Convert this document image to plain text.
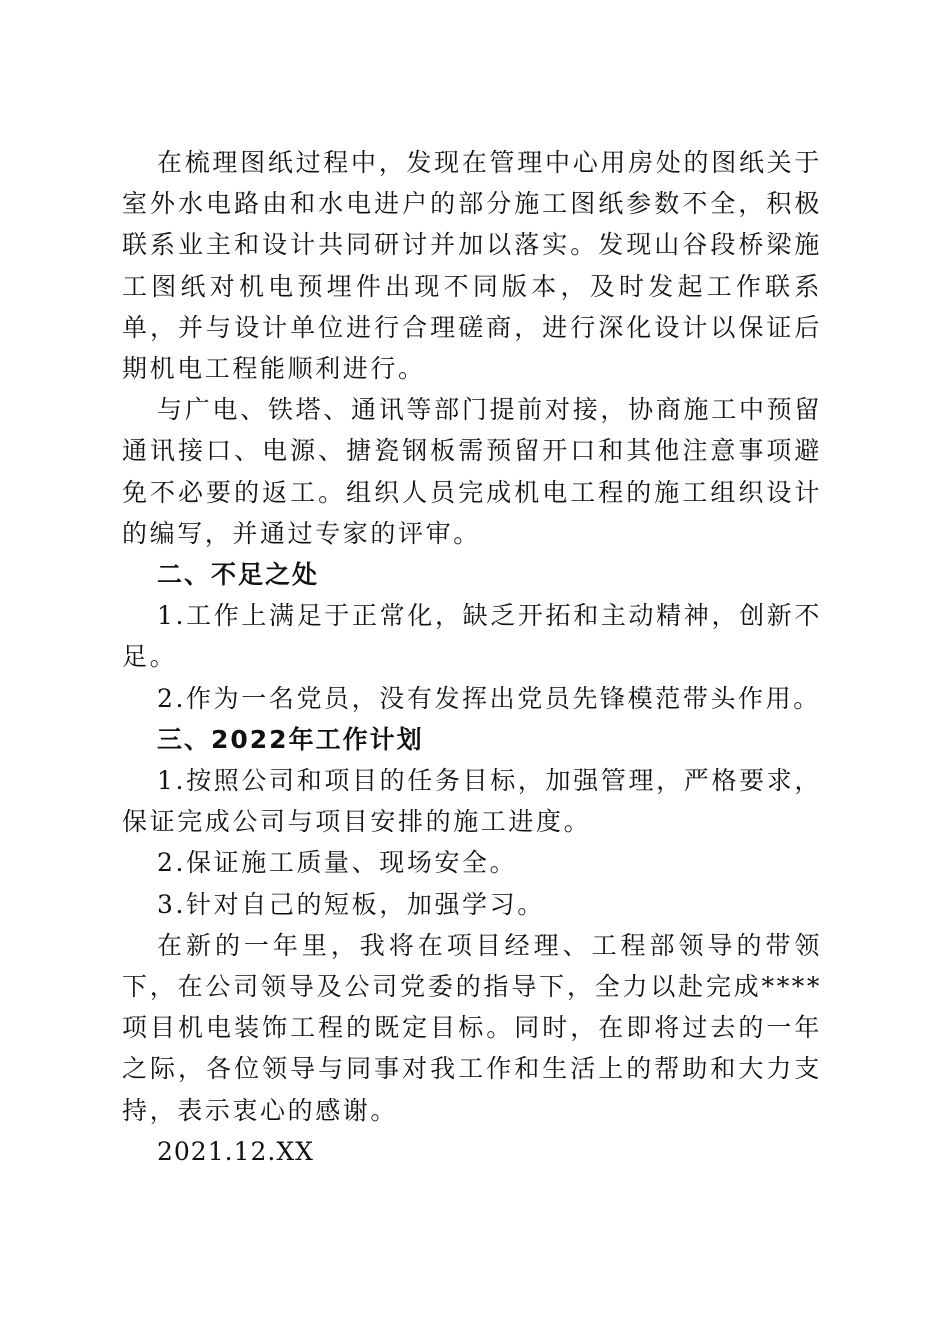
在梳理图纸过程中，发现在管理中心用房处的图纸关于室外水电路由和水电进户的部分施工图纸参数不全，积极联系业主和设计共同研讨并加以落实。发现山谷段桥梁施工图纸对机电预埋件出现不同版本，及时发起工作联系单，并与设计单位进行合理磋商，进行深化设计以保证后期机电工程能顺利进行。

与广电、铁塔、通讯等部门提前对接，协商施工中预留通讯接口、电源、搪瓷钢板需预留开口和其他注意事项避免不必要的返工。组织人员完成机电工程的施工组织设计的编写，并通过专家的评审。

二、不足之处

1.工作上满足于正常化，缺乏开拓和主动精神，创新不足。

2.作为一名党员，没有发挥出党员先锋模范带头作用。

三、2022年工作计划

1.按照公司和项目的任务目标，加强管理，严格要求，保证完成公司与项目安排的施工进度。

2.保证施工质量、现场安全。

3.针对自己的短板，加强学习。

在新的一年里，我将在项目经理、工程部领导的带领下，在公司领导及公司党委的指导下，全力以赴完成****项目机电装饰工程的既定目标。同时，在即将过去的一年之际，各位领导与同事对我工作和生活上的帮助和大力支持，表示衷心的感谢。

2021.12.XX
